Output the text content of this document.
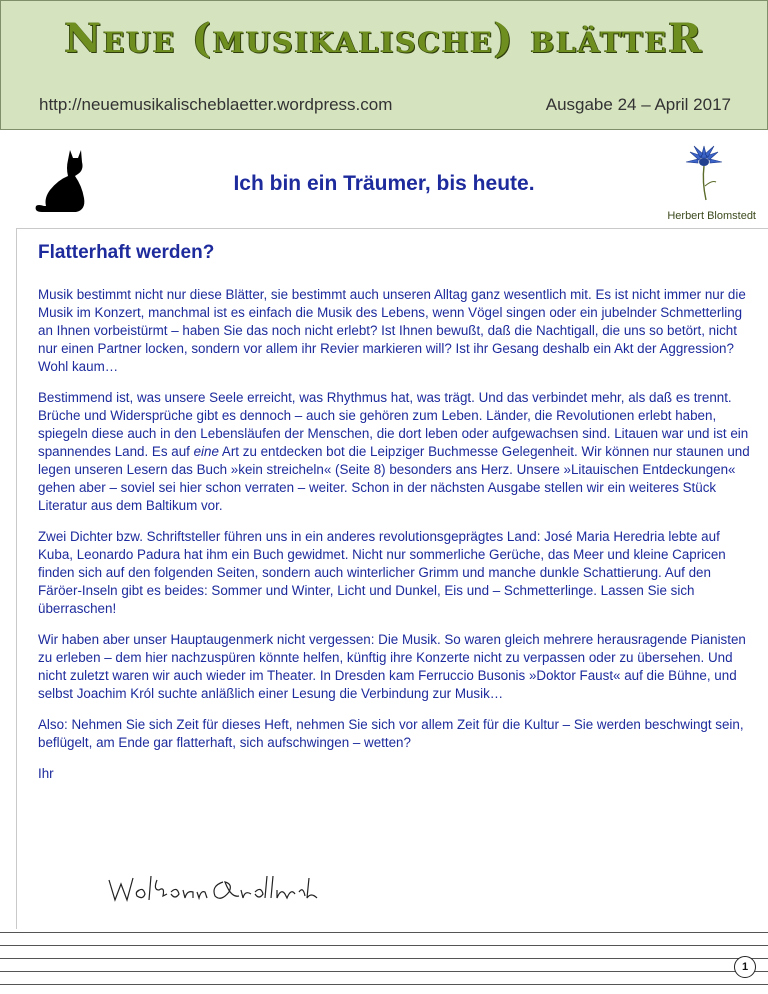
Neue (musikalische) blätteR
http://neuemusikalischeblaetter.wordpress.com	Ausgabe 24 – April 2017
Ich bin ein Träumer, bis heute.
Herbert Blomstedt
Flatterhaft werden?

Musik bestimmt nicht nur diese Blätter, sie bestimmt auch unseren Alltag ganz wesentlich mit. Es ist nicht immer nur die Musik im Konzert, manchmal ist es einfach die Musik des Lebens, wenn Vögel singen oder ein jubelnder Schmetterling an Ihnen vorbeistürmt – haben Sie das noch nicht erlebt? Ist Ihnen bewußt, daß die Nachtigall, die uns so betört, nicht nur einen Partner locken, sondern vor allem ihr Revier markieren will? Ist ihr Gesang deshalb ein Akt der Aggression? Wohl kaum…

Bestimmend ist, was unsere Seele erreicht, was Rhythmus hat, was trägt. Und das verbindet mehr, als daß es trennt. Brüche und Widersprüche gibt es dennoch – auch sie gehören zum Leben. Länder, die Revolutionen erlebt haben, spiegeln diese auch in den Lebensläufen der Menschen, die dort leben oder aufgewachsen sind. Litauen war und ist ein spannendes Land. Es auf eine Art zu entdecken bot die Leipziger Buchmesse Gelegenheit. Wir können nur staunen und legen unseren Lesern das Buch »kein streicheln« (Seite 8) besonders ans Herz. Unsere »Litauischen Entdeckungen« gehen aber – soviel sei hier schon verraten – weiter. Schon in der nächsten Ausgabe stellen wir ein weiteres Stück Literatur aus dem Baltikum vor.

Zwei Dichter bzw. Schriftsteller führen uns in ein anderes revolutionsgeprägtes Land: José Maria Heredria lebte auf Kuba, Leonardo Padura hat ihm ein Buch gewidmet. Nicht nur sommerliche Gerüche, das Meer und kleine Capricen finden sich auf den folgenden Seiten, sondern auch winterlicher Grimm und manche dunkle Schattierung. Auf den Färöer-Inseln gibt es beides: Sommer und Winter, Licht und Dunkel, Eis und – Schmetterlinge. Lassen Sie sich überraschen!

Wir haben aber unser Hauptaugenmerk nicht vergessen: Die Musik. So waren gleich mehrere herausragende Pianisten zu erleben – dem hier nachzuspüren könnte helfen, künftig ihre Konzerte nicht zu verpassen oder zu übersehen. Und nicht zuletzt waren wir auch wieder im Theater. In Dresden kam Ferruccio Busonis »Doktor Faust« auf die Bühne, und selbst Joachim Król suchte anläßlich einer Lesung die Verbindung zur Musik…

Also: Nehmen Sie sich Zeit für dieses Heft, nehmen Sie sich vor allem Zeit für die Kultur – Sie werden beschwingt sein, beflügelt, am Ende gar flatterhaft, sich aufschwingen – wetten?

Ihr

1
